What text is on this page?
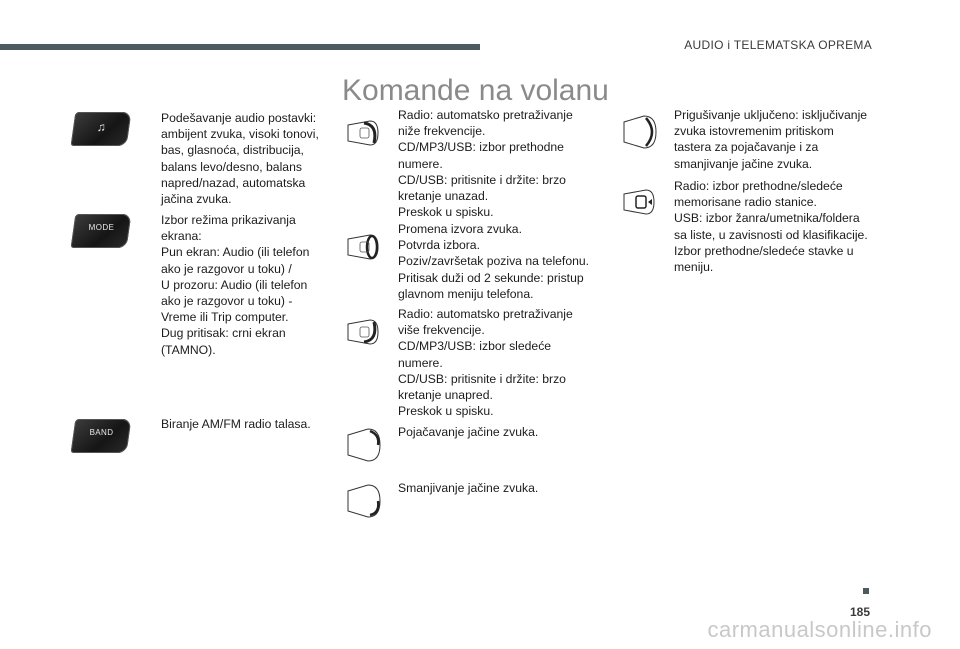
AUDIO i TELEMATSKA OPREMA
Komande na volanu
♫
Podešavanje audio postavki:
ambijent zvuka, visoki tonovi,
bas, glasnoća, distribucija,
balans levo/desno, balans
napred/nazad, automatska
jačina zvuka.
MODE
Izbor režima prikazivanja
ekrana:
Pun ekran: Audio (ili telefon
ako je razgovor u toku) /
U prozoru: Audio (ili telefon
ako je razgovor u toku) -
Vreme ili Trip computer.
Dug pritisak: crni ekran
(TAMNO).
BAND
Biranje AM/FM radio talasa.
Radio: automatsko pretraživanje
niže frekvencije.
CD/MP3/USB: izbor prethodne
numere.
CD/USB: pritisnite i držite: brzo
kretanje unazad.
Preskok u spisku.
Promena izvora zvuka.
Potvrda izbora.
Poziv/završetak poziva na telefonu.
Pritisak duži od 2 sekunde: pristup
glavnom meniju telefona.
Radio: automatsko pretraživanje
više frekvencije.
CD/MP3/USB: izbor sledeće
numere.
CD/USB: pritisnite i držite: brzo
kretanje unapred.
Preskok u spisku.
Pojačavanje jačine zvuka.
Smanjivanje jačine zvuka.
Prigušivanje uključeno: isključivanje
zvuka istovremenim pritiskom
tastera za pojačavanje i za
smanjivanje jačine zvuka.
Radio: izbor prethodne/sledeće
memorisane radio stanice.
USB: izbor žanra/umetnika/foldera
sa liste, u zavisnosti od klasifikacije.
Izbor prethodne/sledeće stavke u
meniju.
185
carmanualsonline.info
